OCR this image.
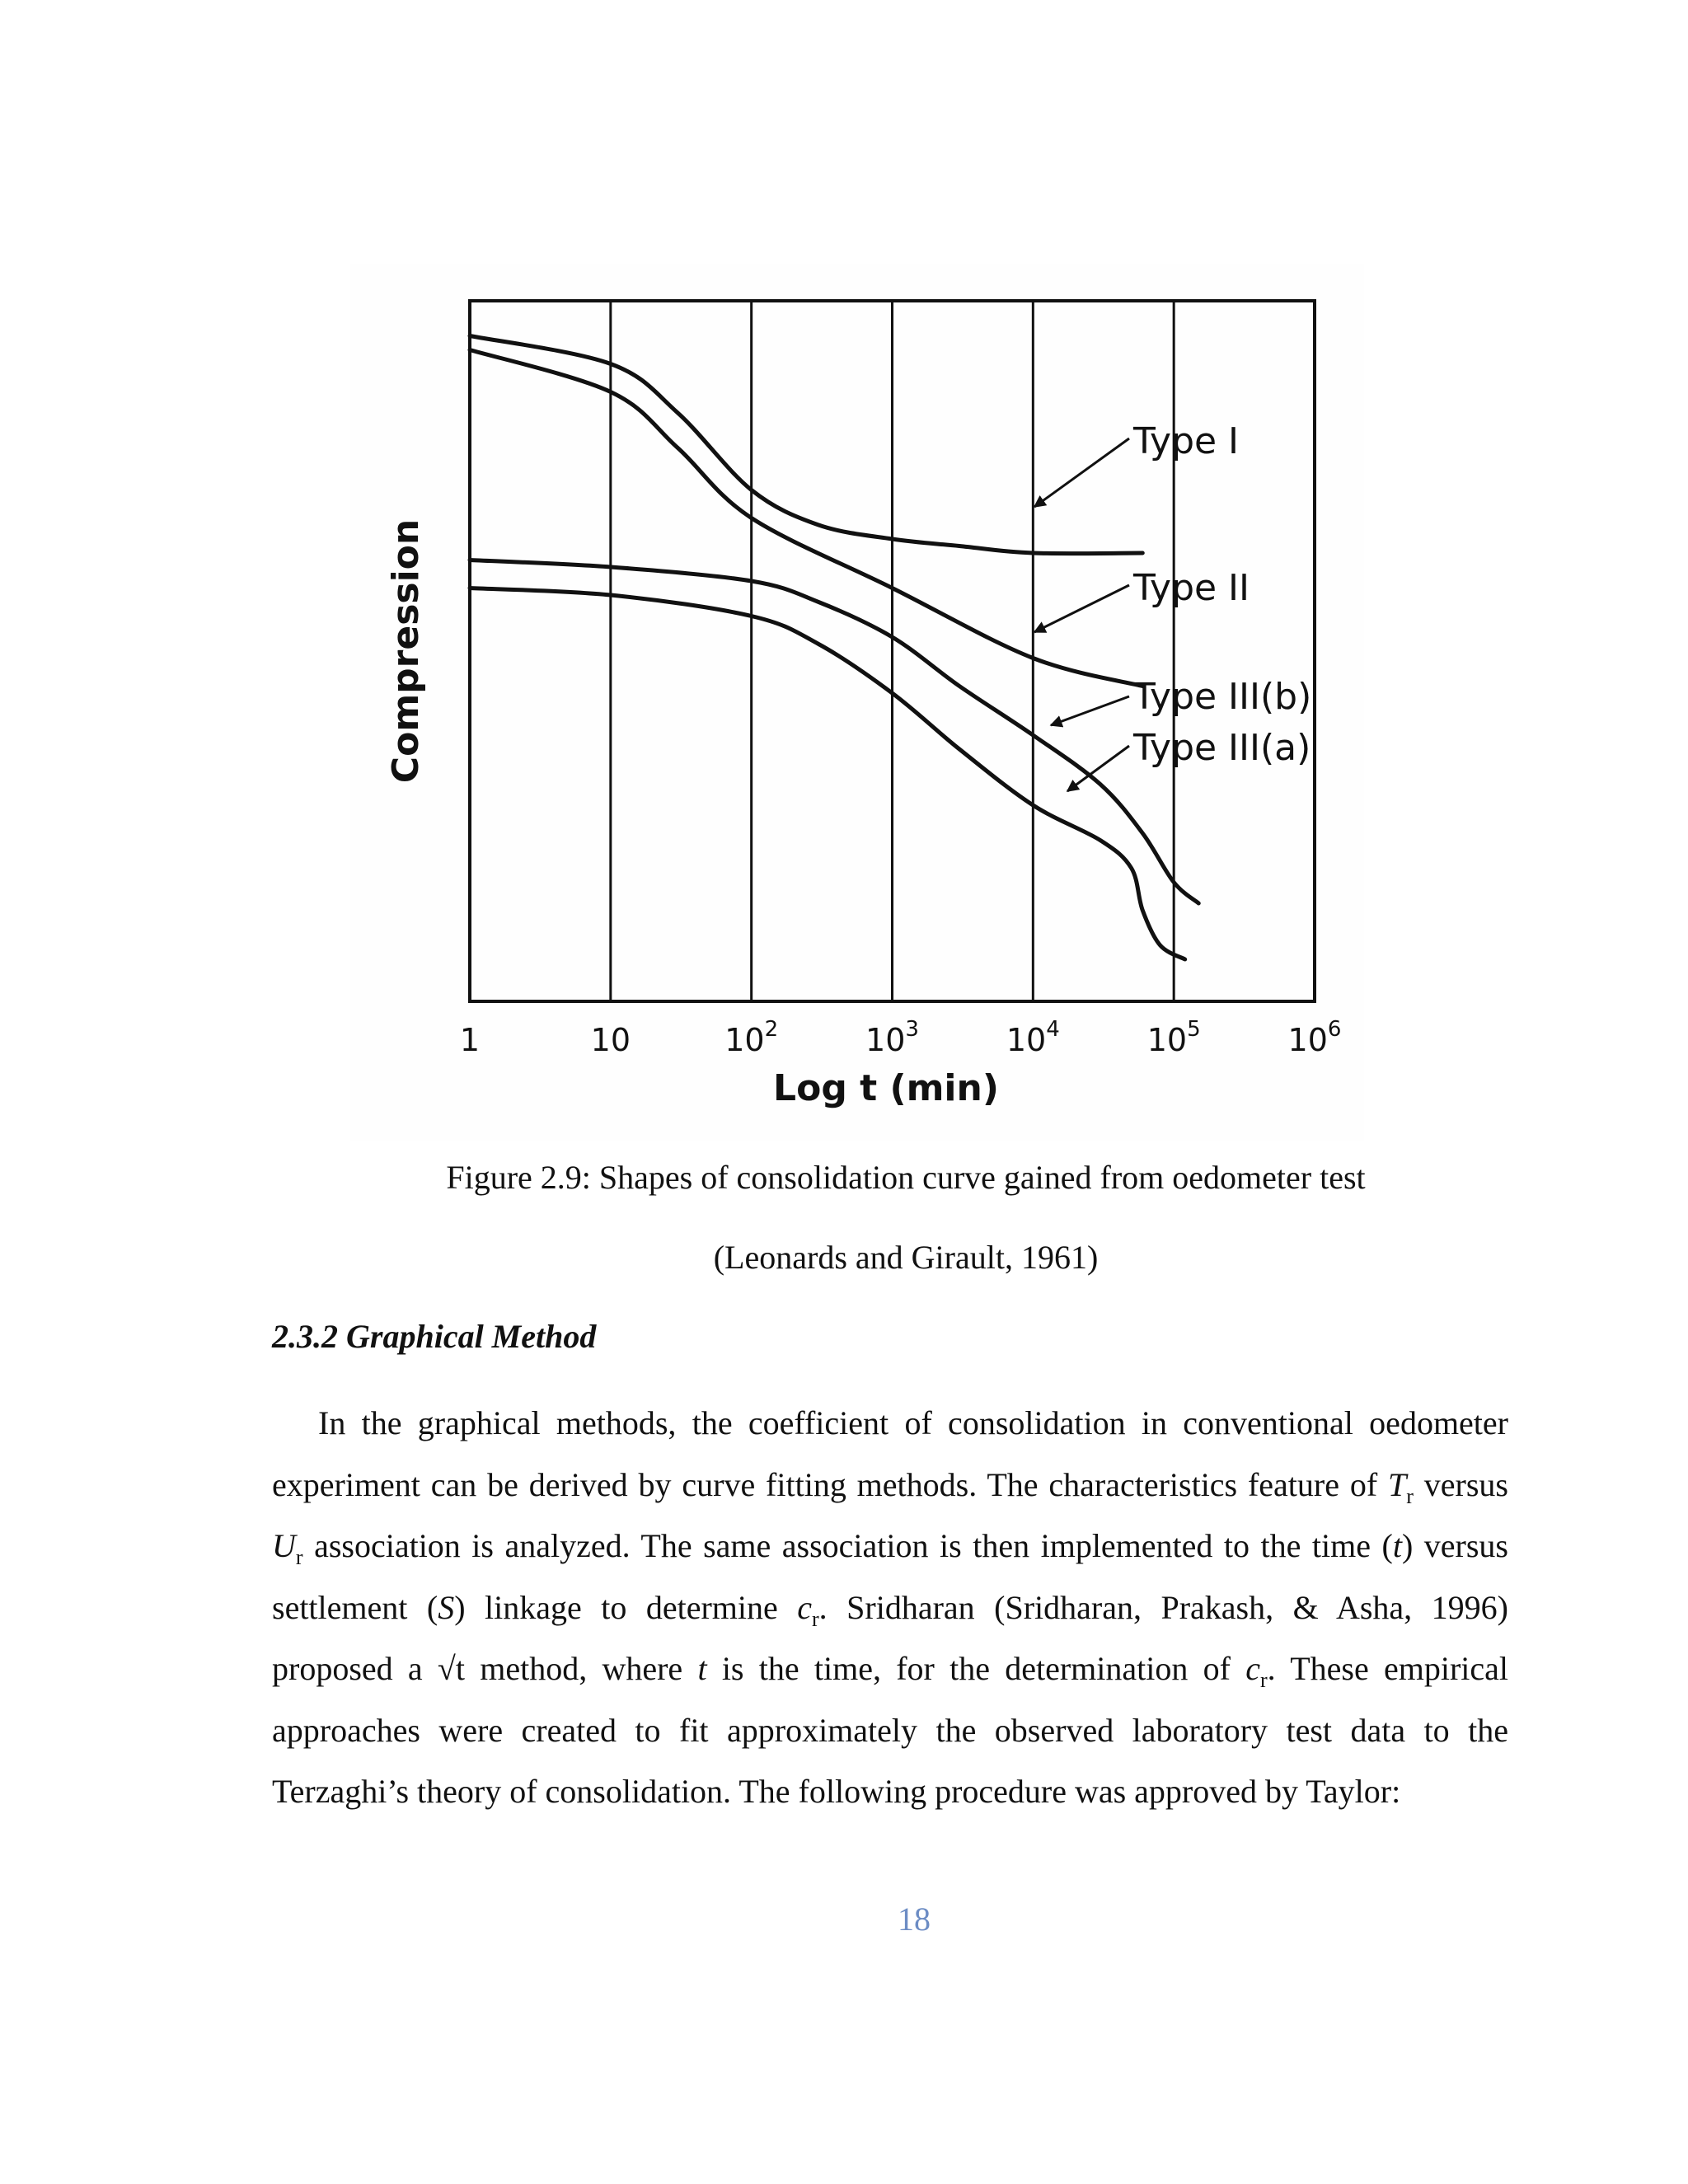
Type I
Type II
Type III(b)
Type III(a)
1	10	$10^2$	$10^3$	$10^4$	$10^5$	$10^6$
Log t (min)
Compression

Figure 2.9: Shapes of consolidation curve gained from oedometer test

(Leonards and Girault, 1961)

2.3.2 Graphical Method

In the graphical methods, the coefficient of consolidation in conventional oedometer experiment can be derived by curve fitting methods. The characteristics feature of $T_r$ versus $U_r$ association is analyzed. The same association is then implemented to the time (t) versus settlement (S) linkage to determine $c_r$. Sridharan (Sridharan, Prakash, & Asha, 1996) proposed a √t method, where t is the time, for the determination of $c_r$. These empirical approaches were created to fit approximately the observed laboratory test data to the Terzaghi’s theory of consolidation. The following procedure was approved by Taylor:

18
